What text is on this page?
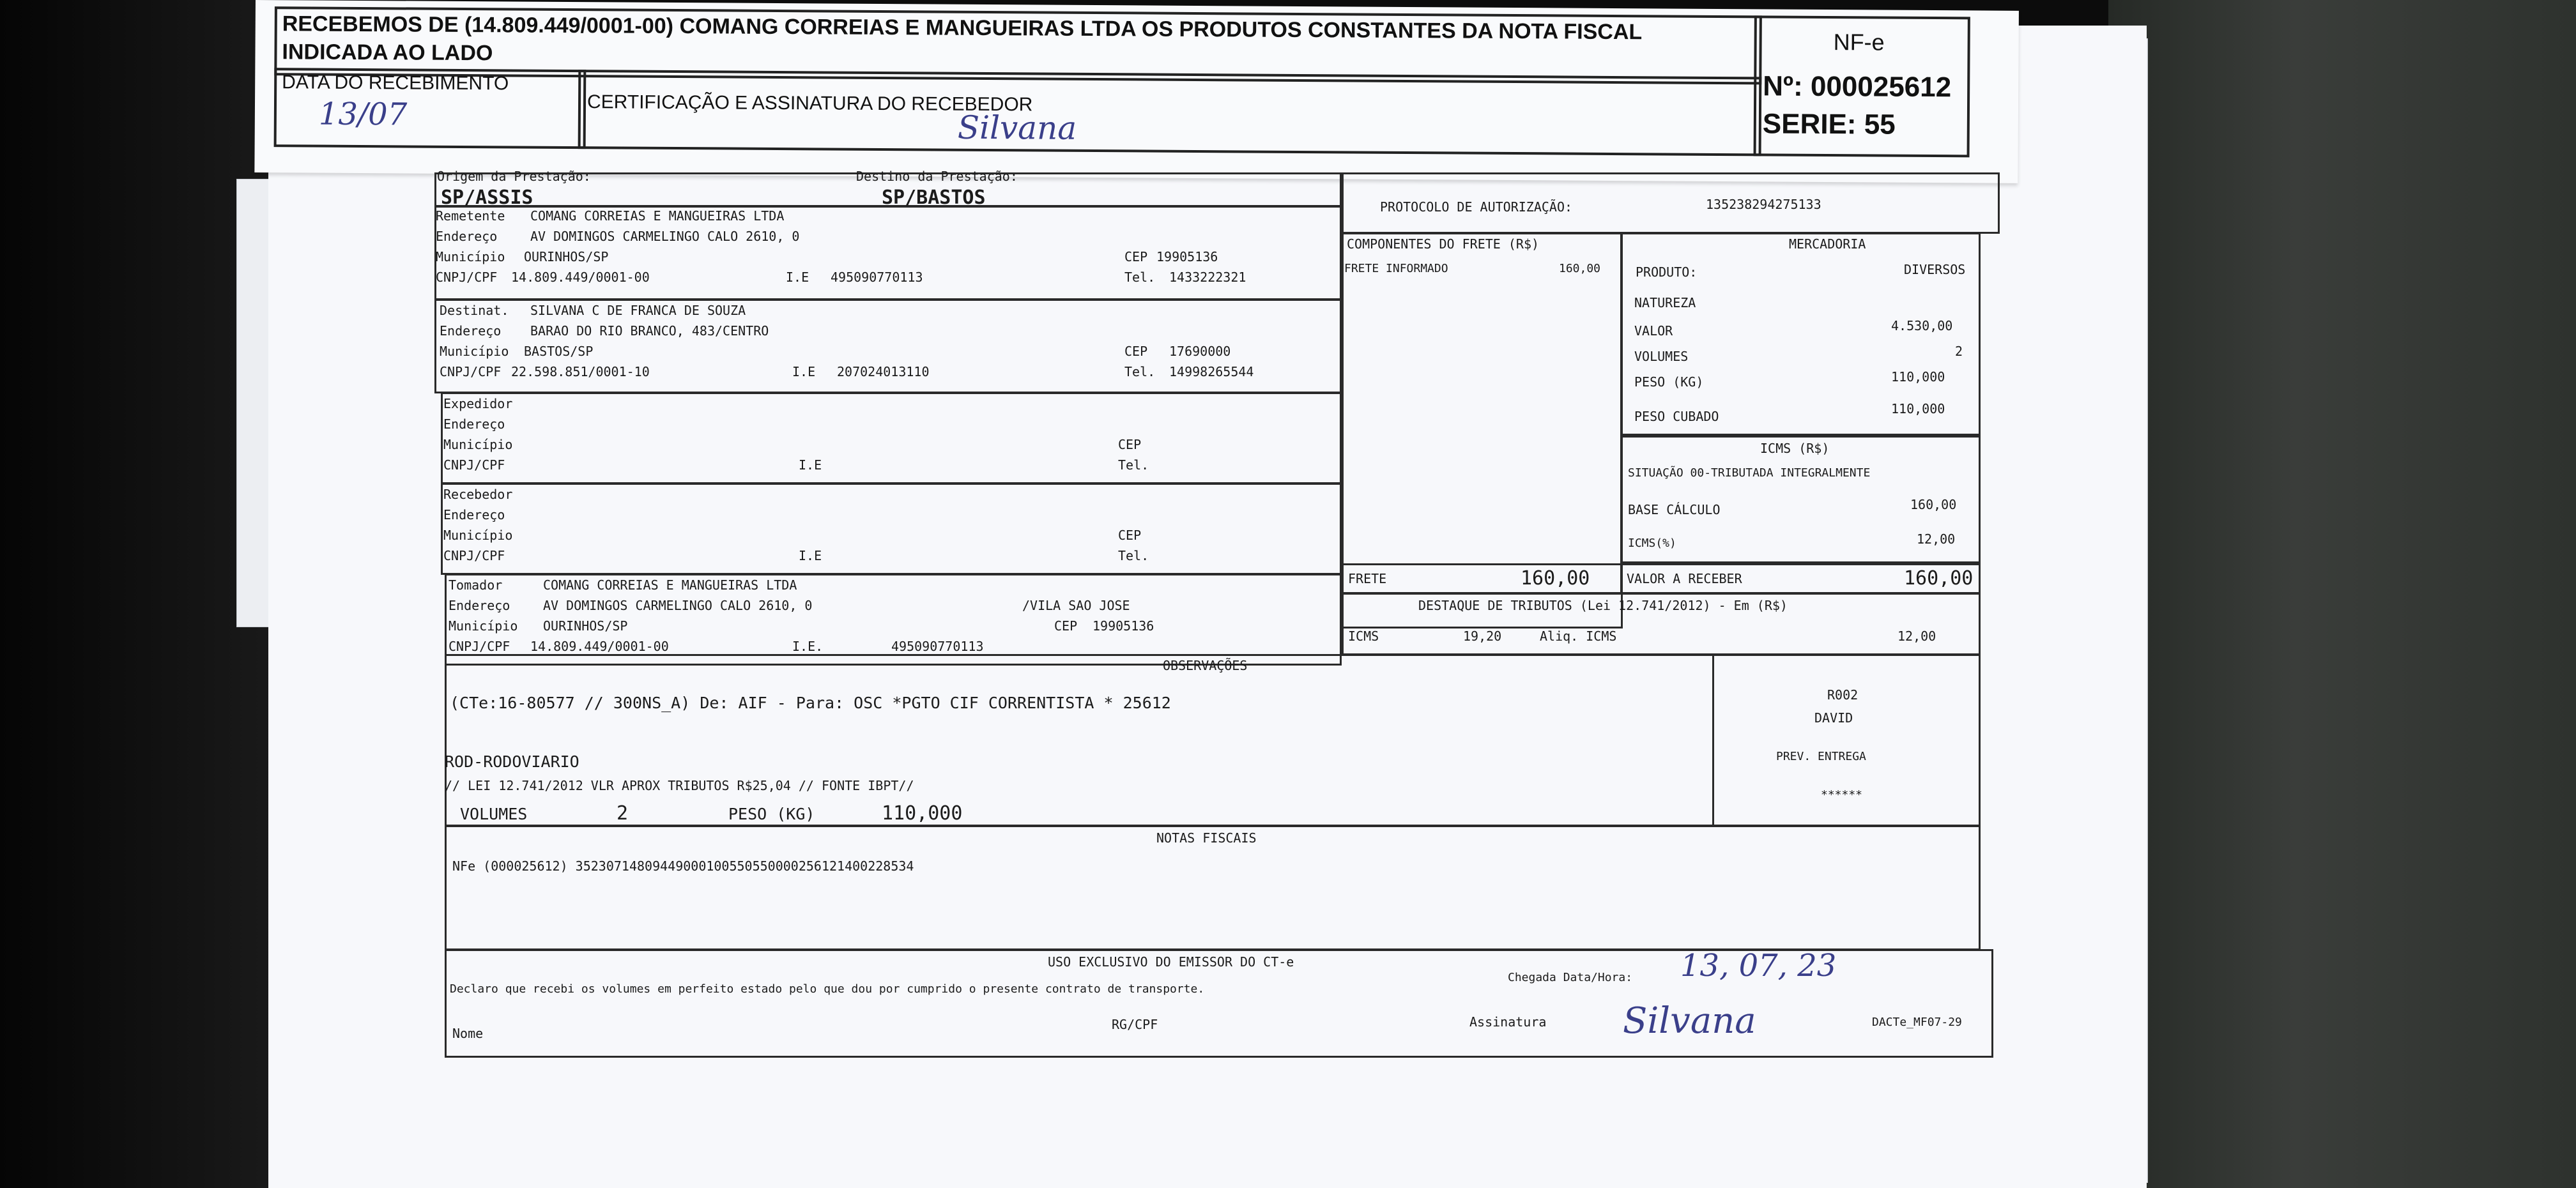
RECEBEMOS DE (14.809.449/0001-00) COMANG CORREIAS E MANGUEIRAS LTDA OS PRODUTOS CONSTANTES DA NOTA FISCAL
INDICADA AO LADO
DATA DO RECEBIMENTO
13/07	CERTIFICAÇÃO E ASSINATURA DO RECEBEDOR
Silvana
NF-e
Nº: 000025612
SERIE: 55
Origem da Prestação:
SP/ASSIS
Destino da Prestação:
SP/BASTOS	PROTOCOLO DE AUTORIZAÇÃO:	135238294275133
Remetente COMANG CORREIAS E MANGUEIRAS LTDA
Endereço	AV DOMINGOS CARMELINGO CALO 2610, 0
Município OURINHOS/SP	CEP 19905136
CNPJ/CPF 14.809.449/0001-00	I.E 495090770113	Tel. 1433222321
Destinat. SILVANA C DE FRANCA DE SOUZA
Endereço BARAO DO RIO BRANCO, 483/CENTRO
Município BASTOS/SP	CEP 17690000
CNPJ/CPF 22.598.851/0001-10	I.E 207024013110	Tel. 14998265544
Expedidor
Endereço
Município	CEP
CNPJ/CPF	I.E	Tel.
Recebedor
Endereço
Município	CEP
CNPJ/CPF	I.E	Tel.
Tomador	COMANG CORREIAS E MANGUEIRAS LTDA
Endereço	AV DOMINGOS CARMELINGO CALO 2610, 0	/VILA SAO JOSE
Município OURINHOS/SP	CEP 19905136
CNPJ/CPF 14.809.449/0001-00	I.E.	495090770113
COMPONENTES DO FRETE (R$)
FRETE INFORMADO	160,00
FRETE	160,00
MERCADORIA
PRODUTO:	DIVERSOS
NATUREZA
VALOR	4.530,00
VOLUMES	2
PESO (KG)	110,000
PESO CUBADO	110,000
ICMS (R$)
SITUAÇÃO 00-TRIBUTADA INTEGRALMENTE
BASE CÁLCULO	160,00
ICMS(%)	12,00
VALOR A RECEBER	160,00
DESTAQUE DE TRIBUTOS (Lei 12.741/2012) - Em (R$)
ICMS	19,20	Aliq. ICMS	12,00
OBSERVAÇÕES
(CTe:16-80577 // 300NS_A) De: AIF - Para: OSC *PGTO CIF CORRENTISTA * 25612
ROD-RODOVIARIO
// LEI 12.741/2012 VLR APROX TRIBUTOS R$25,04 // FONTE IBPT//
VOLUMES	2	PESO (KG)	110,000
R002
DAVID
PREV. ENTREGA
******
NOTAS FISCAIS
NFe (000025612) 35230714809449000100550550000256121400228534
USO EXCLUSIVO DO EMISSOR DO CT-e
Declaro que recebi os volumes em perfeito estado pelo que dou por cumprido o presente contrato de transporte.
Chegada Data/Hora: 13, 07, 23
Nome
RG/CPF	Assinatura Silvana	DACTe_MF07-29
